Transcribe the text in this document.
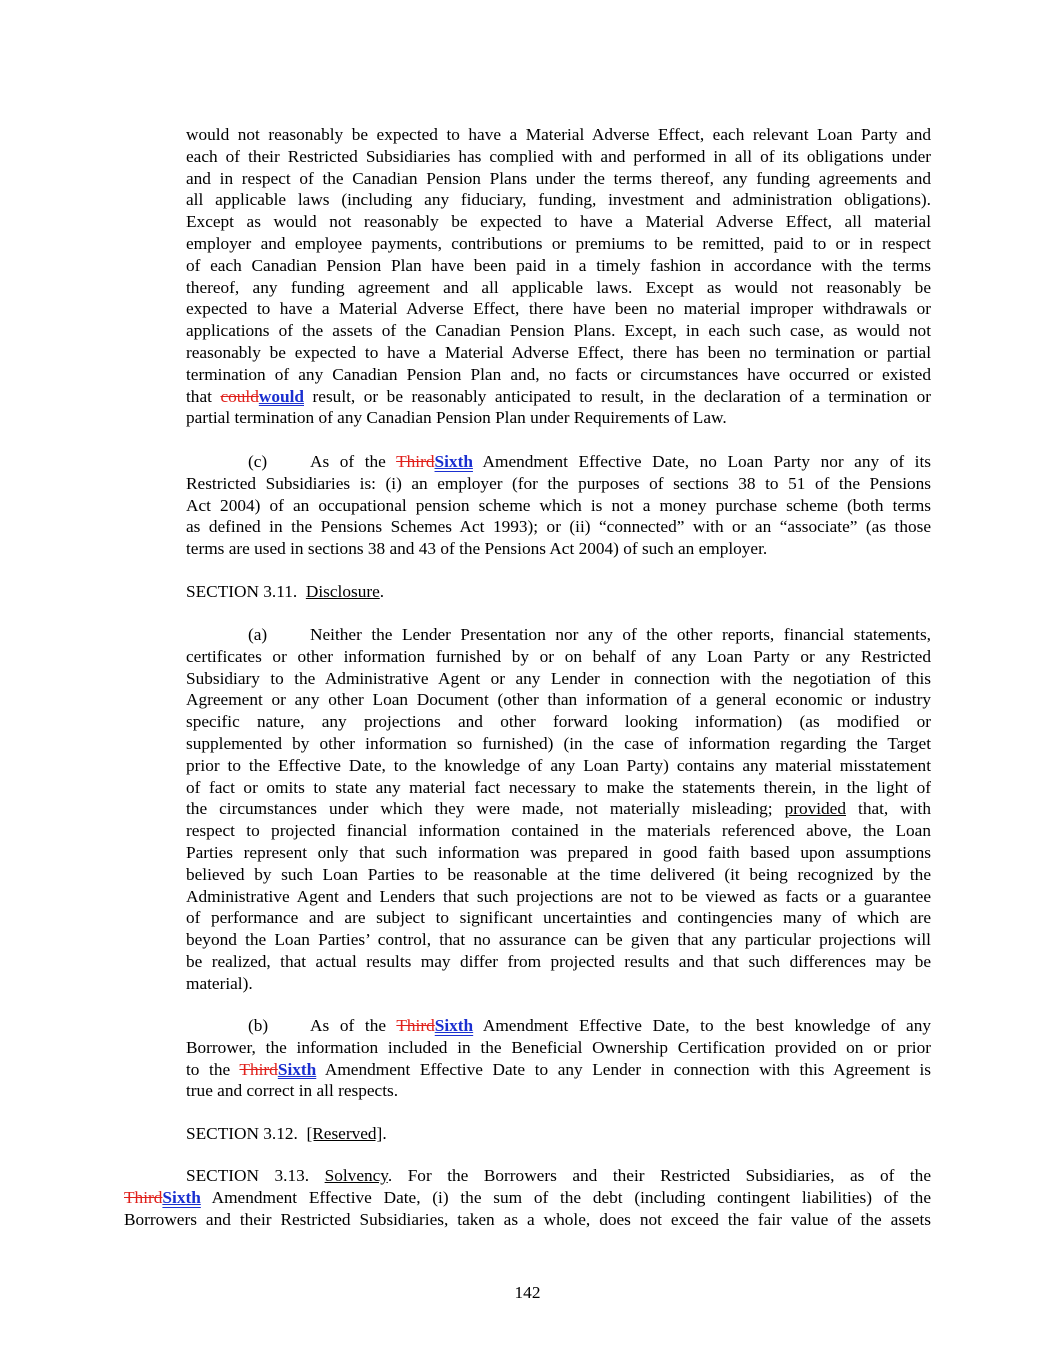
would not reasonably be expected to have a Material Adverse Effect, each relevant Loan Party and
each of their Restricted Subsidiaries has complied with and performed in all of its obligations under
and in respect of the Canadian Pension Plans under the terms thereof, any funding agreements and
all applicable laws (including any fiduciary, funding, investment and administration obligations).
Except as would not reasonably be expected to have a Material Adverse Effect, all material
employer and employee payments, contributions or premiums to be remitted, paid to or in respect
of each Canadian Pension Plan have been paid in a timely fashion in accordance with the terms
thereof, any funding agreement and all applicable laws. Except as would not reasonably be
expected to have a Material Adverse Effect, there have been no material improper withdrawals or
applications of the assets of the Canadian Pension Plans. Except, in each such case, as would not
reasonably be expected to have a Material Adverse Effect, there has been no termination or partial
termination of any Canadian Pension Plan and, no facts or circumstances have occurred or existed
that couldwould result, or be reasonably anticipated to result, in the declaration of a termination or
partial termination of any Canadian Pension Plan under Requirements of Law.
(c) As of the ThirdSixth Amendment Effective Date, no Loan Party nor any of its
Restricted Subsidiaries is: (i) an employer (for the purposes of sections 38 to 51 of the Pensions
Act 2004) of an occupational pension scheme which is not a money purchase scheme (both terms
as defined in the Pensions Schemes Act 1993); or (ii) “connected” with or an “associate” (as those
terms are used in sections 38 and 43 of the Pensions Act 2004) of such an employer.
SECTION 3.11. Disclosure.
(a) Neither the Lender Presentation nor any of the other reports, financial statements,
certificates or other information furnished by or on behalf of any Loan Party or any Restricted
Subsidiary to the Administrative Agent or any Lender in connection with the negotiation of this
Agreement or any other Loan Document (other than information of a general economic or industry
specific nature, any projections and other forward looking information) (as modified or
supplemented by other information so furnished) (in the case of information regarding the Target
prior to the Effective Date, to the knowledge of any Loan Party) contains any material misstatement
of fact or omits to state any material fact necessary to make the statements therein, in the light of
the circumstances under which they were made, not materially misleading; provided that, with
respect to projected financial information contained in the materials referenced above, the Loan
Parties represent only that such information was prepared in good faith based upon assumptions
believed by such Loan Parties to be reasonable at the time delivered (it being recognized by the
Administrative Agent and Lenders that such projections are not to be viewed as facts or a guarantee
of performance and are subject to significant uncertainties and contingencies many of which are
beyond the Loan Parties’ control, that no assurance can be given that any particular projections will
be realized, that actual results may differ from projected results and that such differences may be
material).
(b) As of the ThirdSixth Amendment Effective Date, to the best knowledge of any
Borrower, the information included in the Beneficial Ownership Certification provided on or prior
to the ThirdSixth Amendment Effective Date to any Lender in connection with this Agreement is
true and correct in all respects.
SECTION 3.12. [Reserved].
SECTION 3.13. Solvency. For the Borrowers and their Restricted Subsidiaries, as of the
ThirdSixth Amendment Effective Date, (i) the sum of the debt (including contingent liabilities) of the
Borrowers and their Restricted Subsidiaries, taken as a whole, does not exceed the fair value of the assets
142
